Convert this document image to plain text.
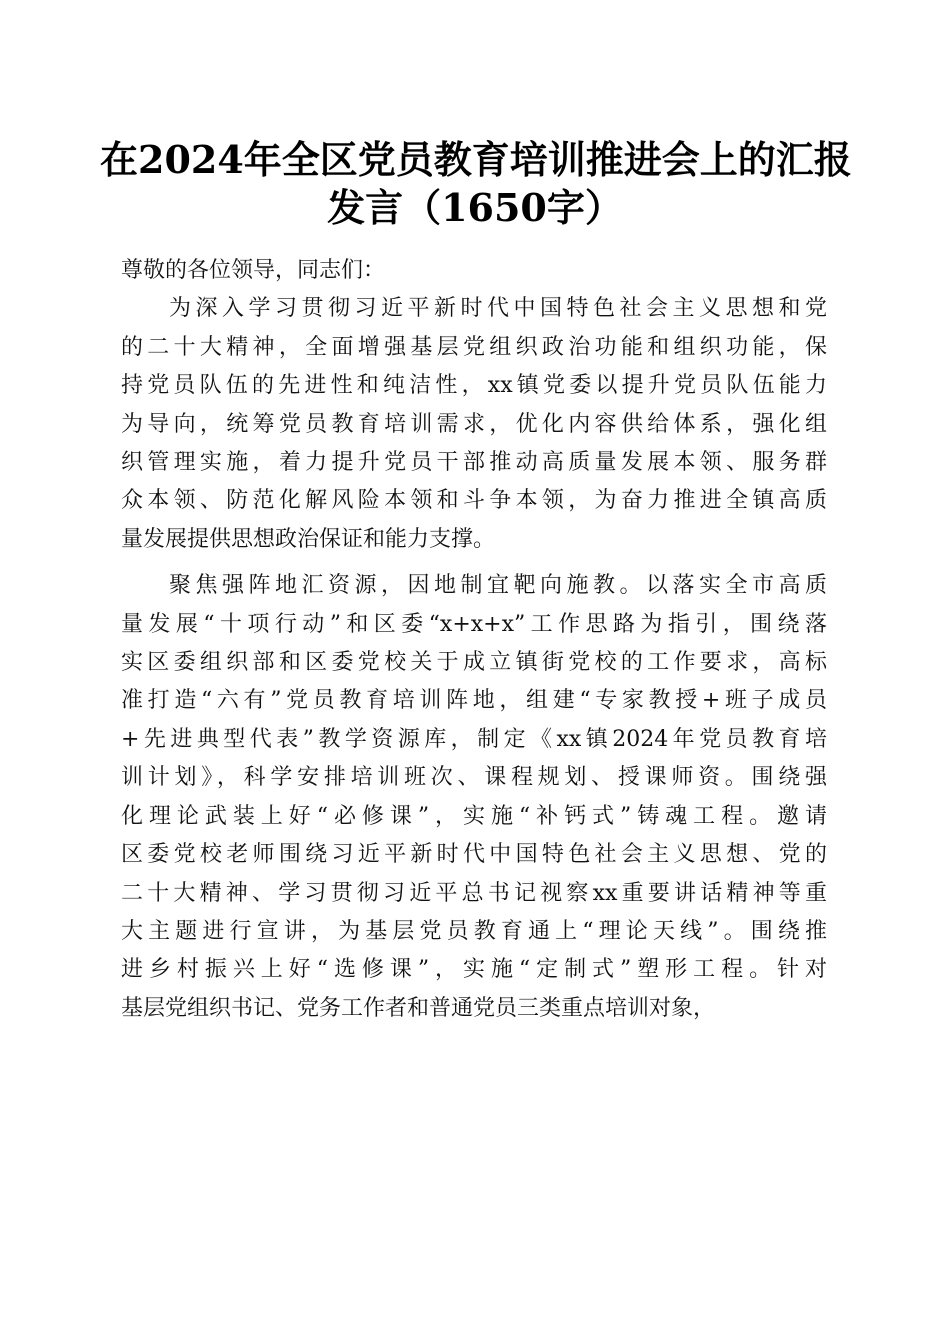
在2024年全区党员教育培训推进会上的汇报
发言（1650字）
尊敬的各位领导，同志们：
为深入学习贯彻习近平新时代中国特色社会主义思想和党
的二十大精神，全面增强基层党组织政治功能和组织功能，保
持党员队伍的先进性和纯洁性，xx镇党委以提升党员队伍能力
为导向，统筹党员教育培训需求，优化内容供给体系，强化组
织管理实施，着力提升党员干部推动高质量发展本领、服务群
众本领、防范化解风险本领和斗争本领，为奋力推进全镇高质
量发展提供思想政治保证和能力支撑。
聚焦强阵地汇资源，因地制宜靶向施教。以落实全市高质
量发展“十项行动”和区委“x+x+x”工作思路为指引，围绕落
实区委组织部和区委党校关于成立镇街党校的工作要求，高标
准打造“六有”党员教育培训阵地，组建“专家教授+班子成员
+先进典型代表”教学资源库，制定《xx镇2024年党员教育培
训计划》，科学安排培训班次、课程规划、授课师资。围绕强
化理论武装上好“必修课”，实施“补钙式”铸魂工程。邀请
区委党校老师围绕习近平新时代中国特色社会主义思想、党的
二十大精神、学习贯彻习近平总书记视察xx重要讲话精神等重
大主题进行宣讲，为基层党员教育通上“理论天线”。围绕推
进乡村振兴上好“选修课”，实施“定制式”塑形工程。针对
基层党组织书记、党务工作者和普通党员三类重点培训对象，
